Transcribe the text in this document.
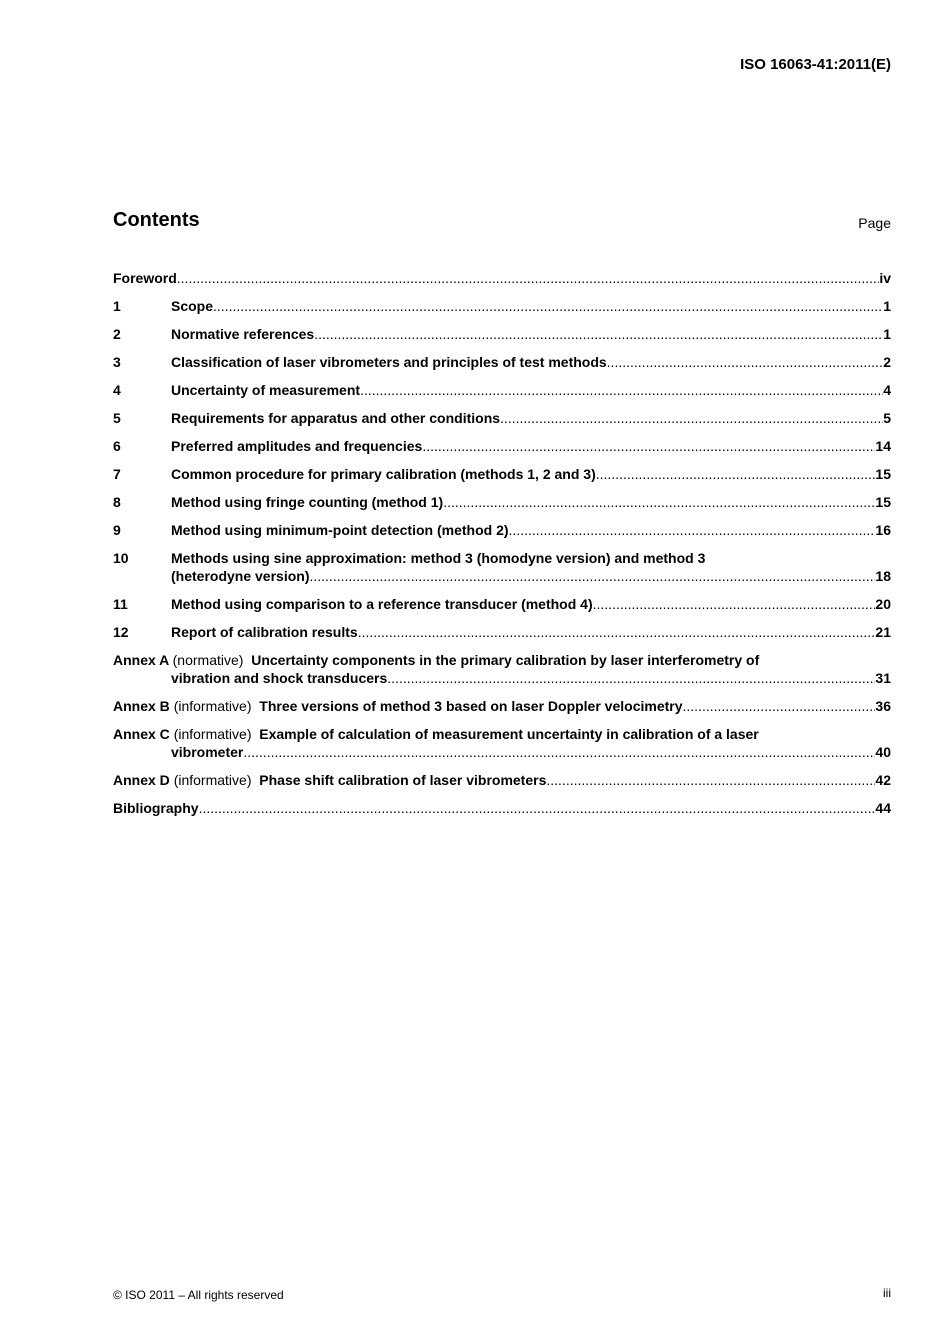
ISO 16063-41:2011(E)
Contents	Page
Foreword .....	iv
1	Scope .....	1
2	Normative references .....	1
3	Classification of laser vibrometers and principles of test methods .....	2
4	Uncertainty of measurement .....	4
5	Requirements for apparatus and other conditions .....	5
6	Preferred amplitudes and frequencies .....	14
7	Common procedure for primary calibration (methods 1, 2 and 3) .....	15
8	Method using fringe counting (method 1) .....	15
9	Method using minimum-point detection (method 2) .....	16
10	Methods using sine approximation: method 3 (homodyne version) and method 3
(heterodyne version) .....	18
11	Method using comparison to a reference transducer (method 4) .....	20
12	Report of calibration results .....	21
Annex A (normative) Uncertainty components in the primary calibration by laser interferometry of
vibration and shock transducers .....	31
Annex B (informative) Three versions of method 3 based on laser Doppler velocimetry .....	36
Annex C (informative) Example of calculation of measurement uncertainty in calibration of a laser
vibrometer .....	40
Annex D (informative) Phase shift calibration of laser vibrometers .....	42
Bibliography .....	44
© ISO 2011 – All rights reserved	iii
